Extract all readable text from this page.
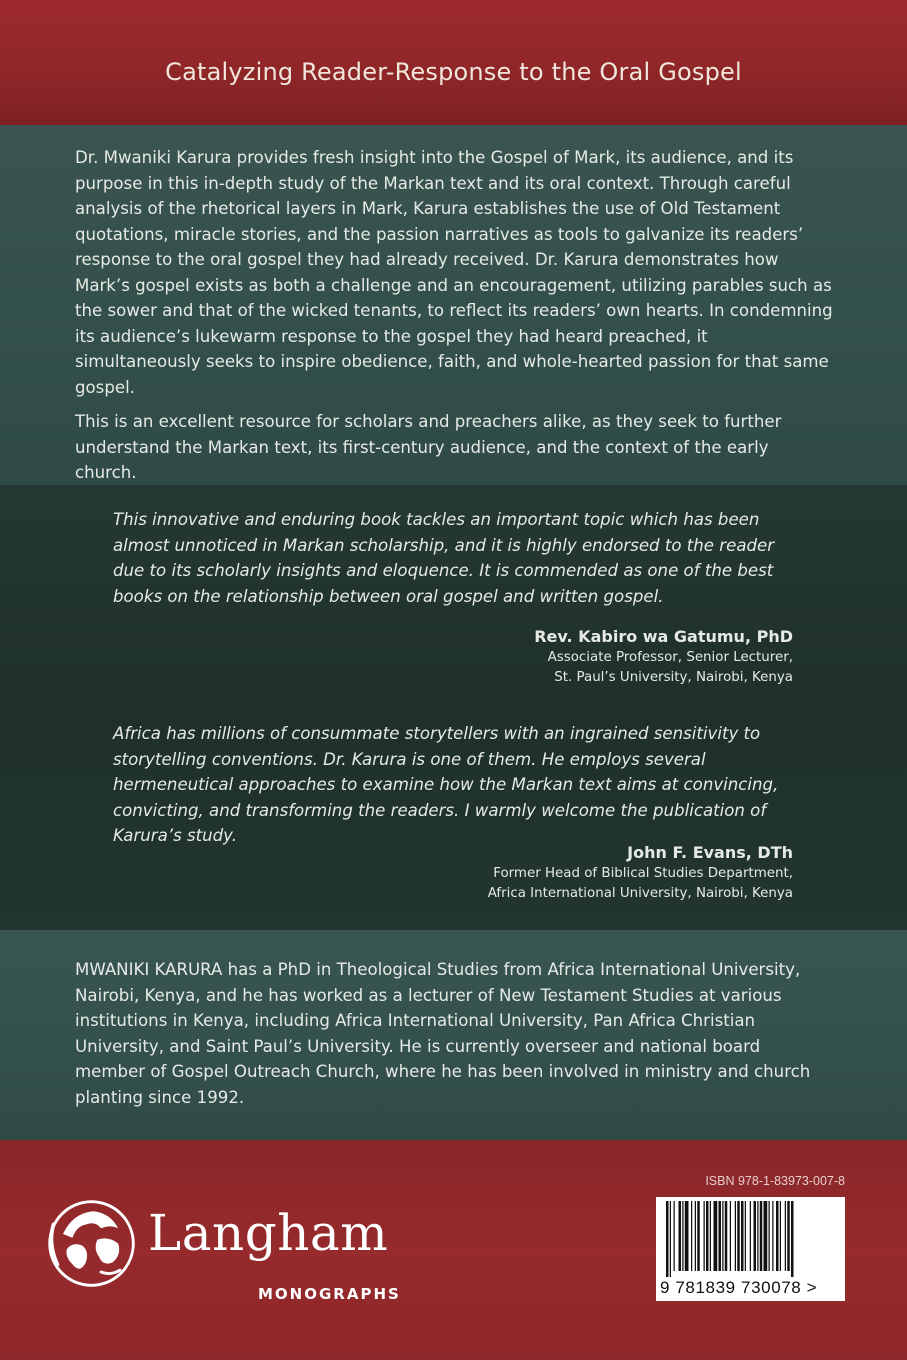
Catalyzing Reader-Response to the Oral Gospel

Dr. Mwaniki Karura provides fresh insight into the Gospel of Mark, its audience, and its purpose in this in-depth study of the Markan text and its oral context. Through careful analysis of the rhetorical layers in Mark, Karura establishes the use of Old Testament quotations, miracle stories, and the passion narratives as tools to galvanize its readers’ response to the oral gospel they had already received. Dr. Karura demonstrates how Mark’s gospel exists as both a challenge and an encouragement, utilizing parables such as the sower and that of the wicked tenants, to reflect its readers’ own hearts. In condemning its audience’s lukewarm response to the gospel they had heard preached, it simultaneously seeks to inspire obedience, faith, and whole-hearted passion for that same gospel.

This is an excellent resource for scholars and preachers alike, as they seek to further understand the Markan text, its first-century audience, and the context of the early church.

This innovative and enduring book tackles an important topic which has been almost unnoticed in Markan scholarship, and it is highly endorsed to the reader due to its scholarly insights and eloquence. It is commended as one of the best books on the relationship between oral gospel and written gospel.

Rev. Kabiro wa Gatumu, PhD
Associate Professor, Senior Lecturer,
St. Paul’s University, Nairobi, Kenya

Africa has millions of consummate storytellers with an ingrained sensitivity to storytelling conventions. Dr. Karura is one of them. He employs several hermeneutical approaches to examine how the Markan text aims at convincing, convicting, and transforming the readers. I warmly welcome the publication of Karura’s study.

John F. Evans, DTh
Former Head of Biblical Studies Department,
Africa International University, Nairobi, Kenya

MWANIKI KARURA has a PhD in Theological Studies from Africa International University, Nairobi, Kenya, and he has worked as a lecturer of New Testament Studies at various institutions in Kenya, including Africa International University, Pan Africa Christian University, and Saint Paul’s University. He is currently overseer and national board member of Gospel Outreach Church, where he has been involved in ministry and church planting since 1992.

Langham
MONOGRAPHS
ISBN 978-1-83973-007-8
9 781839 730078 >
